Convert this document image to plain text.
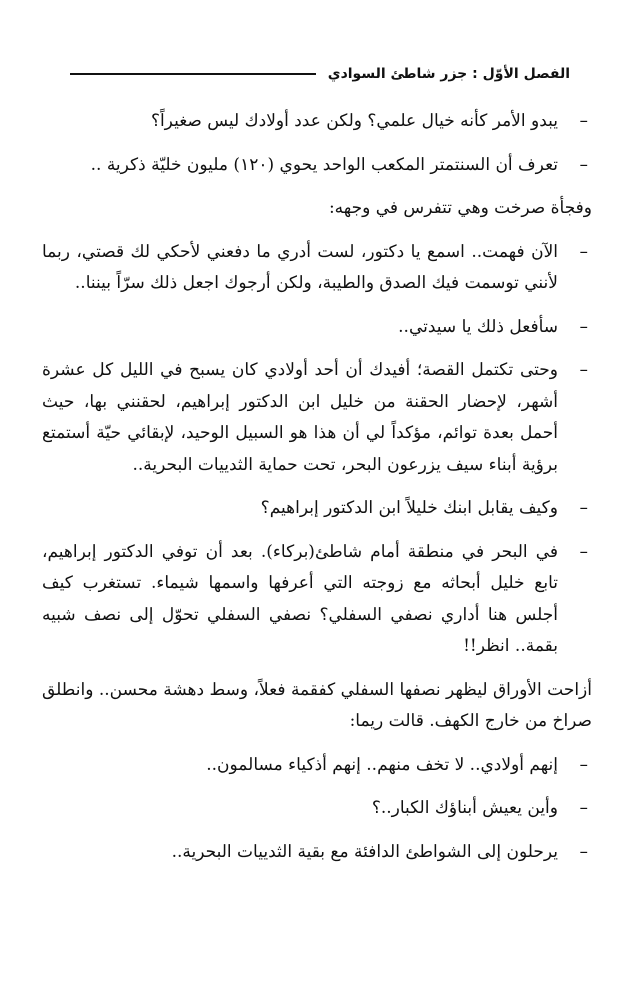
الفصل الأوّل : جزر شاطئ السوادي

–
يبدو الأمر كأنه خيال علمي؟ ولكن عدد أولادك ليس صغيراً؟

–
تعرف أن السنتمتر المكعب الواحد يحوي (١٢٠) مليون خليّة ذكرية ..

وفجأة صرخت وهي تتفرس في وجهه:

–
الآن فهمت.. اسمع يا دكتور، لست أدري ما دفعني لأحكي لك قصتي، ربما لأنني توسمت فيك الصدق والطيبة، ولكن أرجوك اجعل ذلك سرّاً بيننا..

–
سأفعل ذلك يا سيدتي..

–
وحتى تكتمل القصة؛ أفيدك أن أحد أولادي كان يسبح في الليل كل عشرة أشهر، لإحضار الحقنة من خليل ابن الدكتور إبراهيم، لحقنني بها، حيث أحمل بعدة توائم، مؤكداً لي أن هذا هو السبيل الوحيد، لإبقائي حيّة أستمتع برؤية أبناء سيف يزرعون البحر، تحت حماية الثدييات البحرية..

–
وكيف يقابل ابنك خليلاً ابن الدكتور إبراهيم؟

–
في البحر في منطقة أمام شاطئ(بركاء). بعد أن توفي الدكتور إبراهيم، تابع خليل أبحاثه مع زوجته التي أعرفها واسمها شيماء. تستغرب كيف أجلس هنا أداري نصفي السفلي؟ نصفي السفلي تحوّل إلى نصف شبيه بقمة.. انظر!!

أزاحت الأوراق ليظهر نصفها السفلي كفقمة فعلاً، وسط دهشة محسن.. وانطلق صراخ من خارج الكهف. قالت ريما:

–
إنهم أولادي.. لا تخف منهم.. إنهم أذكياء مسالمون..

–
وأين يعيش أبناؤك الكبار..؟

–
يرحلون إلى الشواطئ الدافئة مع بقية الثدييات البحرية..
